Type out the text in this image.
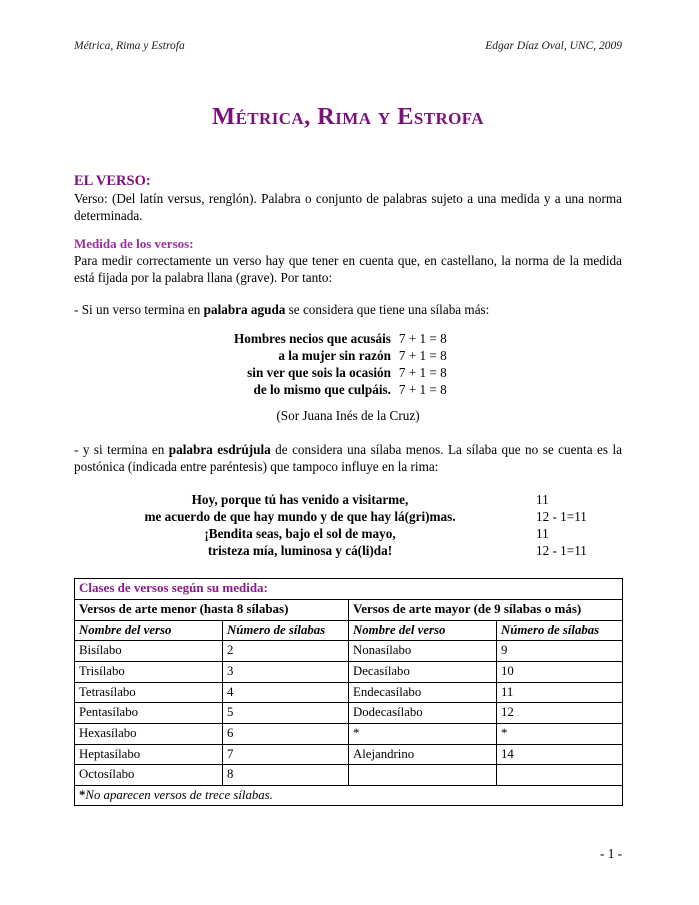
Métrica, Rima y Estrofa	Edgar Díaz Oval, UNC, 2009
Métrica, Rima y Estrofa
EL VERSO:

Verso: (Del latín versus, renglón). Palabra o conjunto de palabras sujeto a una medida y a una norma determinada.

Medida de los versos:

Para medir correctamente un verso hay que tener en cuenta que, en castellano, la norma de la medida está fijada por la palabra llana (grave). Por tanto:

- Si un verso termina en palabra aguda se considera que tiene una sílaba más:

Hombres necios que acusáis	7 + 1 = 8
a la mujer sin razón	7 + 1 = 8
sin ver que sois la ocasión	7 + 1 = 8
de lo mismo que culpáis.	7 + 1 = 8
(Sor Juana Inés de la Cruz)

- y si termina en palabra esdrújula de considera una sílaba menos. La sílaba que no se cuenta es la postónica (indicada entre paréntesis) que tampoco influye en la rima:

Hoy, porque tú has venido a visitarme,	11
me acuerdo de que hay mundo y de que hay lá(gri)mas.	12 - 1=11
¡Bendita seas, bajo el sol de mayo,	11
tristeza mía, luminosa y cá(li)da!	12 - 1=11
Clases de versos según su medida:			
Versos de arte menor (hasta 8 sílabas)		Versos de arte mayor (de 9 sílabas o más)	
Nombre del verso	Número de sílabas	Nombre del verso	Número de sílabas
Bisílabo	2	Nonasílabo	9
Trisílabo	3	Decasílabo	10
Tetrasílabo	4	Endecasílabo	11
Pentasílabo	5	Dodecasílabo	12
Hexasílabo	6	*	*
Heptasílabo	7	Alejandrino	14
Octosílabo	8		
*No aparecen versos de trece sílabas.			
- 1 -
